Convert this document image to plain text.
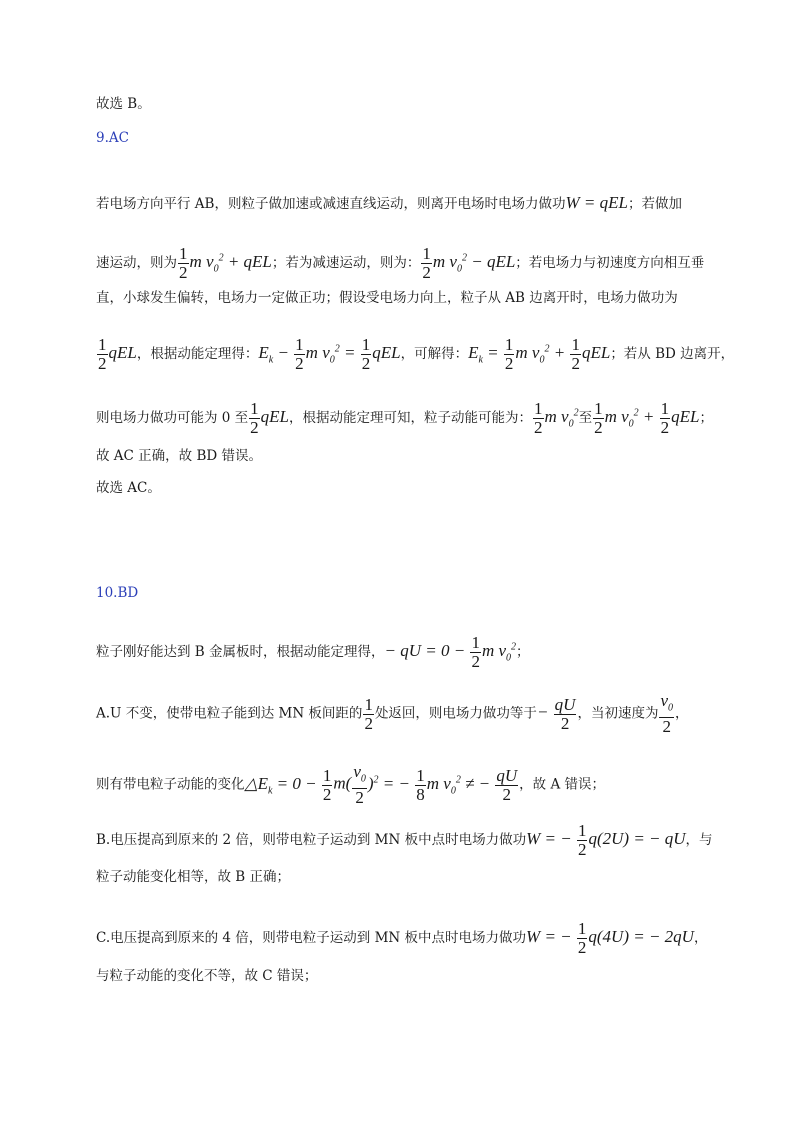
故选 B。
9.AC
若电场方向平行 AB，则粒子做加速或减速直线运动，则离开电场时电场力做功W = qEL；若做加
速运动，则为 $\frac{1}{2}$ m $v_0^2$ + qEL；若为减速运动，则为： $\frac{1}{2}$ m $v_0^2$ − qEL；若电场力与初速度方向相互垂
直，小球发生偏转，电场力一定做正功；假设受电场力向上，粒子从 AB 边离开时，电场力做功为
$\frac{1}{2}$ qEL，根据动能定理得：$E_k - \frac{1}{2}$ m $v_0^2 = \frac{1}{2}$ qEL，可解得：$E_k = \frac{1}{2}$ m $v_0^2 + \frac{1}{2}$ qEL；若从 BD 边离开，
则电场力做功可能为 0 至 $\frac{1}{2}$ qEL，根据动能定理可知，粒子动能可能为： $\frac{1}{2}$ m $v_0^2$至 $\frac{1}{2}$ m $v_0^2 + \frac{1}{2}$ qEL；
故 AC 正确，故 BD 错误。
故选 AC。
10.BD
粒子刚好能达到 B 金属板时，根据动能定理得，− qU = $0 - \frac{1}{2}$ m $v_0^2$；
A.U 不变，使带电粒子能到达 MN 板间距的 $\frac{1}{2}$ 处返回，则电场力做功等于− $\frac{qU}{2}$ ，当初速度为 $\frac{v_0}{2}$ ，
则有带电粒子动能的变化$\triangle E_k = 0 - \frac{1}{2} m( \frac{v_0}{2} )^2$ = − $\frac{1}{8}$ m $v_0^2$ ≠ − $\frac{qU}{2}$ ，故 A 错误；
B.电压提高到原来的 2 倍，则带电粒子运动到 MN 板中点时电场力做功W = − $\frac{1}{2} q(2U)$ = − qU，与
粒子动能变化相等，故 B 正确；
C.电压提高到原来的 4 倍，则带电粒子运动到 MN 板中点时电场力做功W = − $\frac{1}{2} q(4U)$ = − 2qU，
与粒子动能的变化不等，故 C 错误；
